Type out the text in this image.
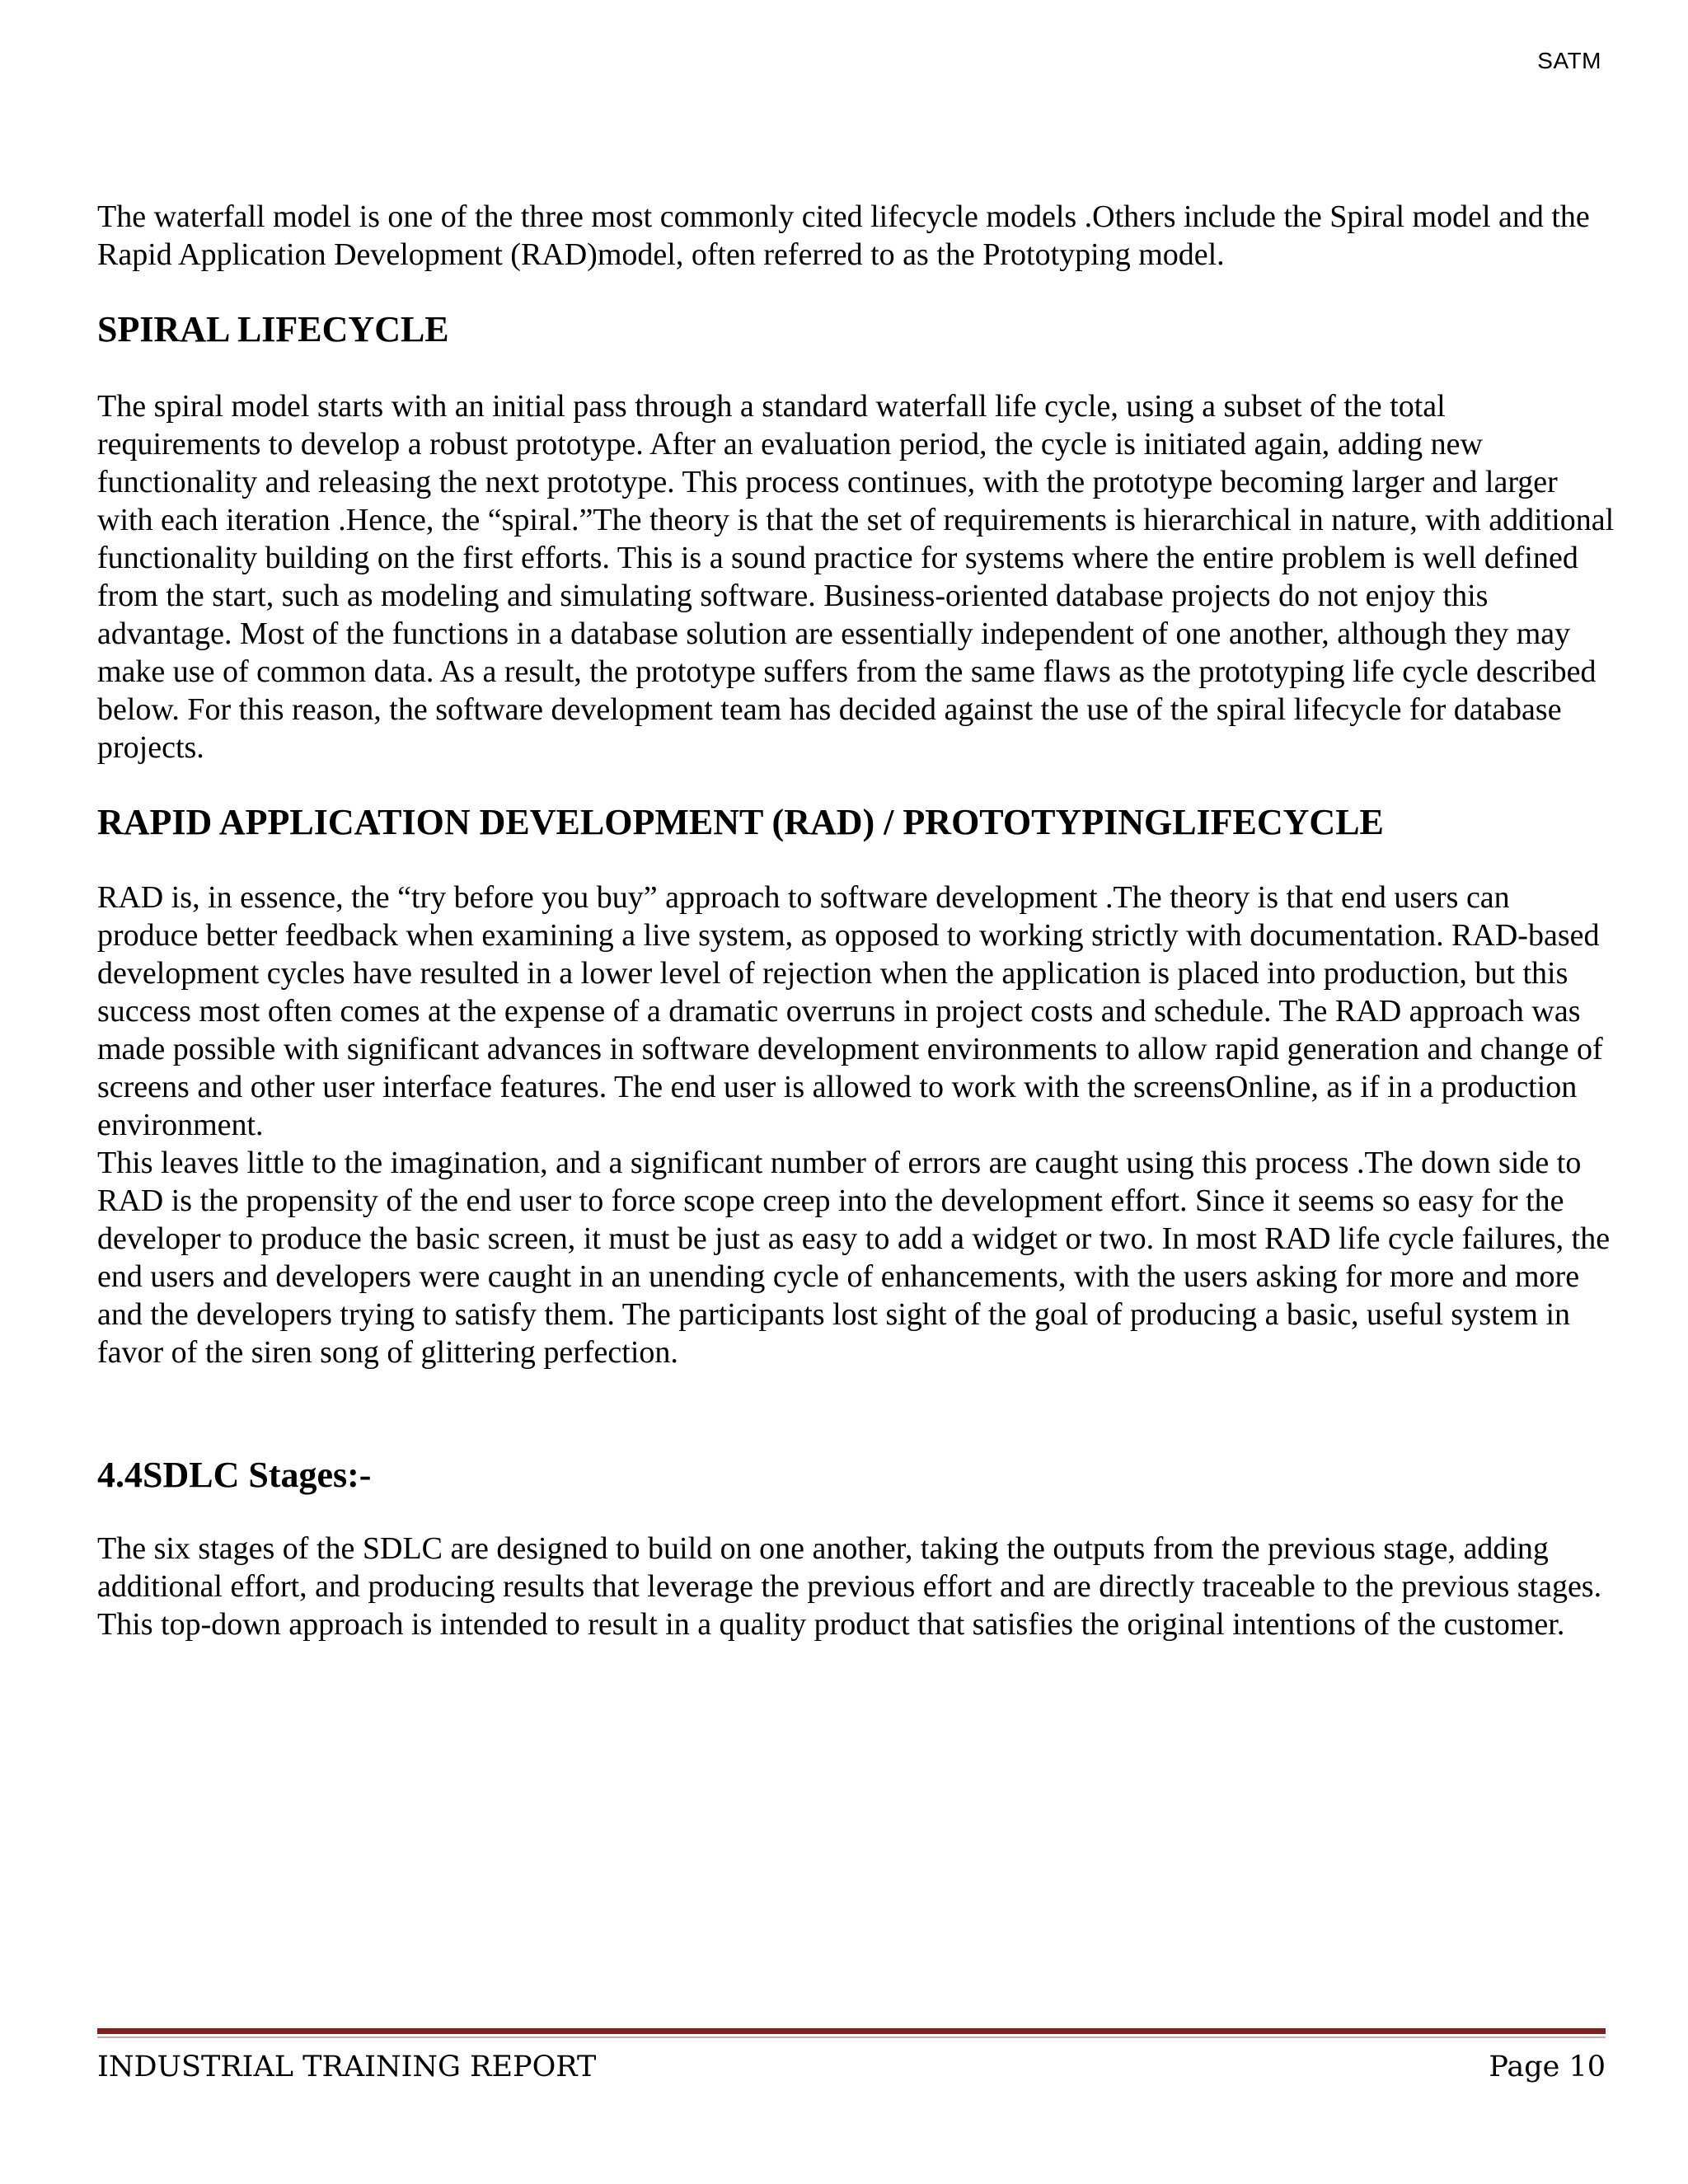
SATM

The waterfall model is one of the three most commonly cited lifecycle models .Others include the Spiral model and the Rapid Application Development (RAD)model, often referred to as the Prototyping model.

SPIRAL LIFECYCLE

The spiral model starts with an initial pass through a standard waterfall life cycle, using a subset of the total requirements to develop a robust prototype. After an evaluation period, the cycle is initiated again, adding new functionality and releasing the next prototype. This process continues, with the prototype becoming larger and larger with each iteration .Hence, the “spiral.”The theory is that the set of requirements is hierarchical in nature, with additional functionality building on the first efforts. This is a sound practice for systems where the entire problem is well defined from the start, such as modeling and simulating software. Business-oriented database projects do not enjoy this advantage. Most of the functions in a database solution are essentially independent of one another, although they may make use of common data. As a result, the prototype suffers from the same flaws as the prototyping life cycle described below. For this reason, the software development team has decided against the use of the spiral lifecycle for database projects.

RAPID APPLICATION DEVELOPMENT (RAD) / PROTOTYPINGLIFECYCLE

RAD is, in essence, the “try before you buy” approach to software development .The theory is that end users can produce better feedback when examining a live system, as opposed to working strictly with documentation. RAD-based development cycles have resulted in a lower level of rejection when the application is placed into production, but this success most often comes at the expense of a dramatic overruns in project costs and schedule. The RAD approach was made possible with significant advances in software development environments to allow rapid generation and change of screens and other user interface features. The end user is allowed to work with the screensOnline, as if in a production environment.

This leaves little to the imagination, and a significant number of errors are caught using this process .The down side to RAD is the propensity of the end user to force scope creep into the development effort. Since it seems so easy for the developer to produce the basic screen, it must be just as easy to add a widget or two. In most RAD life cycle failures, the end users and developers were caught in an unending cycle of enhancements, with the users asking for more and more and the developers trying to satisfy them. The participants lost sight of the goal of producing a basic, useful system in favor of the siren song of glittering perfection.

4.4SDLC Stages:-

The six stages of the SDLC are designed to build on one another, taking the outputs from the previous stage, adding additional effort, and producing results that leverage the previous effort and are directly traceable to the previous stages. This top-down approach is intended to result in a quality product that satisfies the original intentions of the customer.

INDUSTRIAL TRAINING REPORT	Page 10
